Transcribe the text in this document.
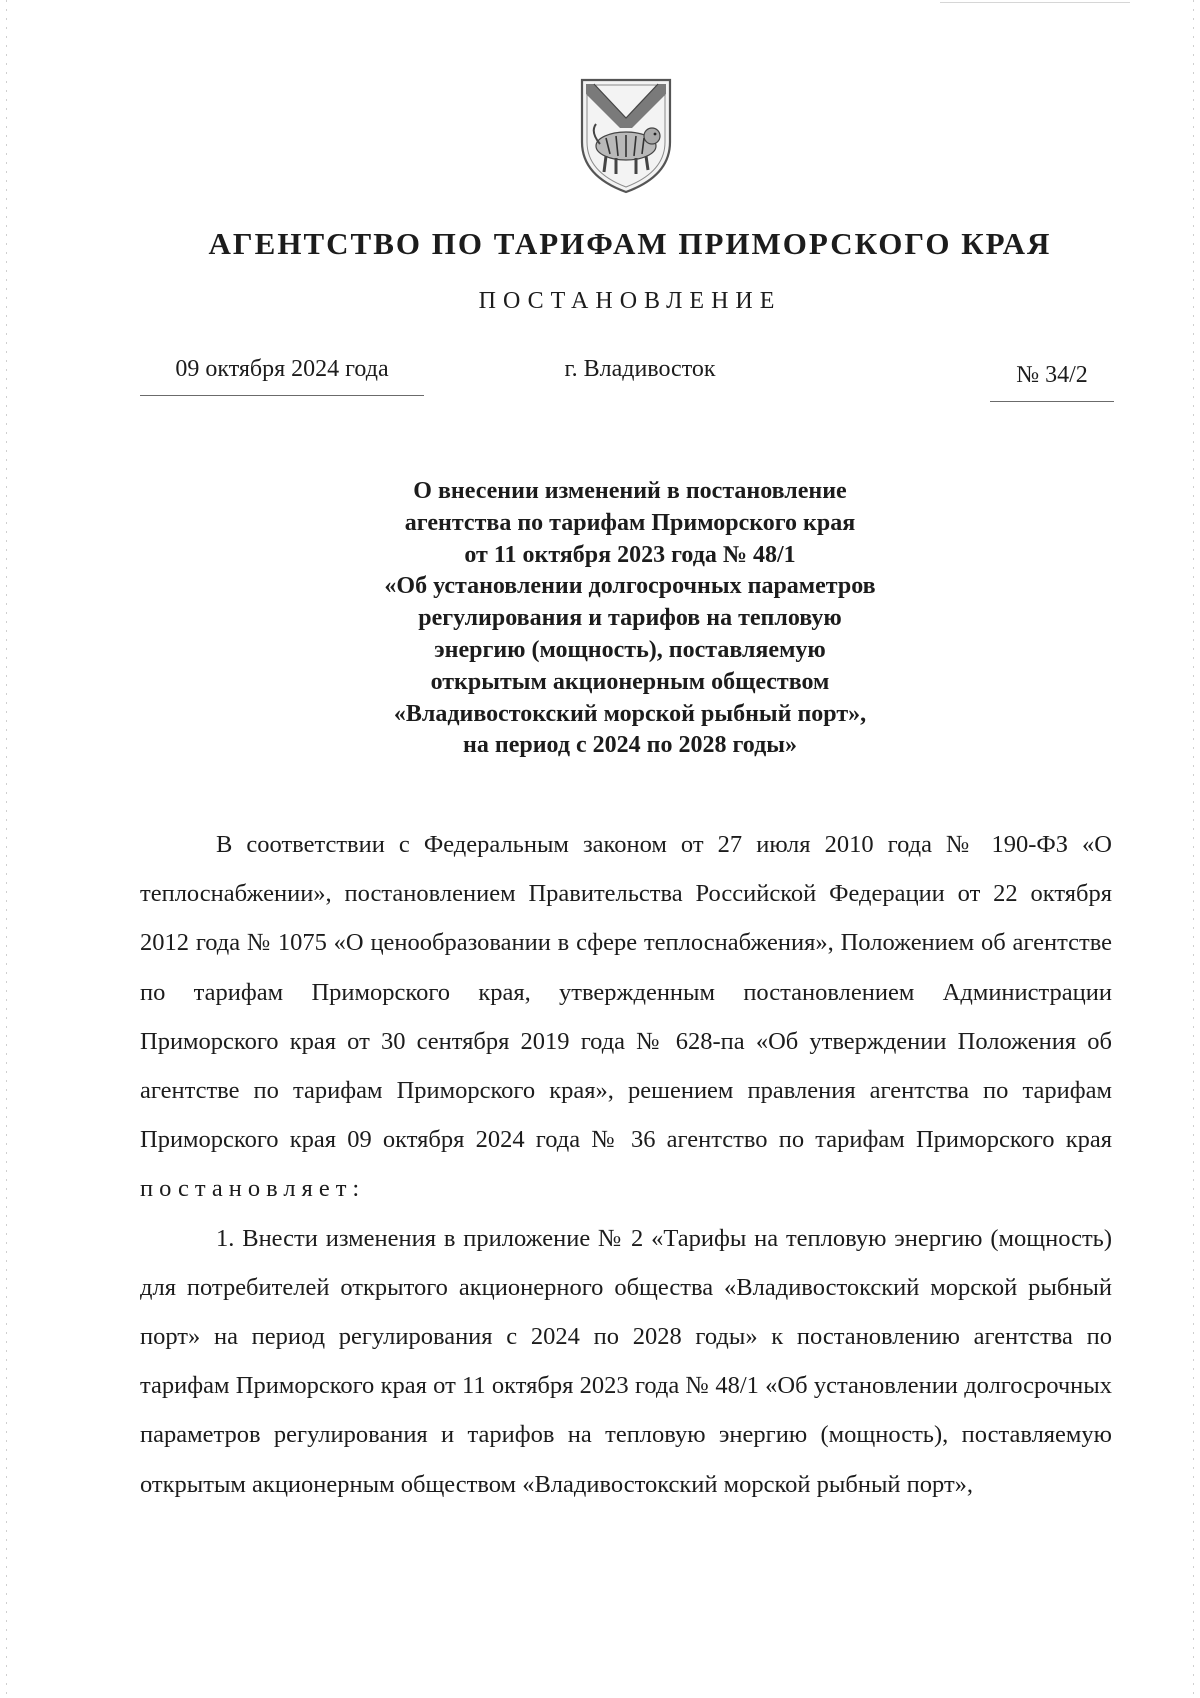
АГЕНТСТВО ПО ТАРИФАМ ПРИМОРСКОГО КРАЯ
ПОСТАНОВЛЕНИЕ
09 октября 2024 года	г. Владивосток	№ 34/2
О внесении изменений в постановление
агентства по тарифам Приморского края
от 11 октября 2023 года № 48/1
«Об установлении долгосрочных параметров
регулирования и тарифов на тепловую
энергию (мощность), поставляемую
открытым акционерным обществом
«Владивостокский морской рыбный порт»,
на период с 2024 по 2028 годы»

В соответствии с Федеральным законом от 27 июля 2010 года № 190-ФЗ «О теплоснабжении», постановлением Правительства Российской Федерации от 22 октября 2012 года № 1075 «О ценообразовании в сфере теплоснабжения», Положением об агентстве по тарифам Приморского края, утвержденным постановлением Администрации Приморского края от 30 сентября 2019 года № 628-па «Об утверждении Положения об агентстве по тарифам Приморского края», решением правления агентства по тарифам Приморского края 09 октября 2024 года № 36 агентство по тарифам Приморского края постановляет:

1. Внести изменения в приложение № 2 «Тарифы на тепловую энергию (мощность) для потребителей открытого акционерного общества «Владивостокский морской рыбный порт» на период регулирования с 2024 по 2028 годы» к постановлению агентства по тарифам Приморского края от 11 октября 2023 года № 48/1 «Об установлении долгосрочных параметров регулирования и тарифов на тепловую энергию (мощность), поставляемую открытым акционерным обществом «Владивостокский морской рыбный порт»,
